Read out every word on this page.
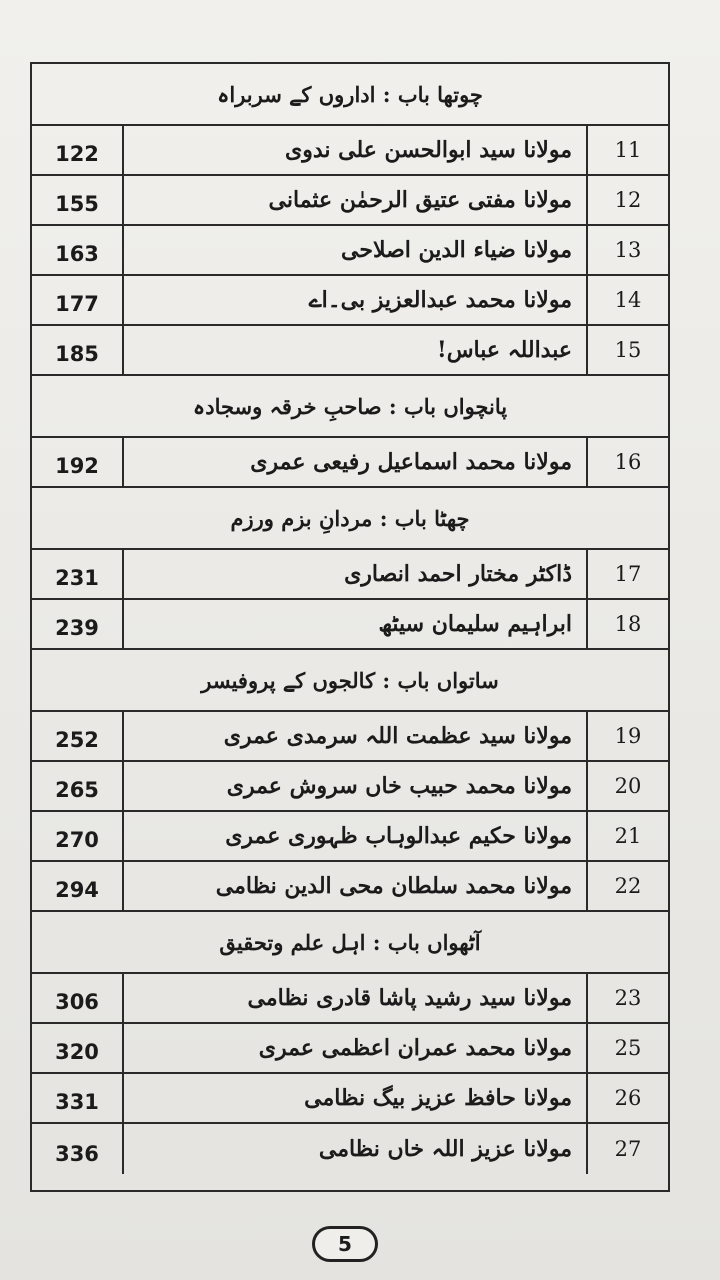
چوتھا باب : اداروں کے سربراہ
122	مولانا سید ابوالحسن علی ندوی	11
155	مولانا مفتی عتیق الرحمٰن عثمانی	12
163	مولانا ضیاء الدین اصلاحی	13
177	مولانا محمد عبدالعزیز بی۔اے	14
185	عبداللہ عباس!	15
پانچواں باب : صاحبِ خرقہ وسجادہ
192	مولانا محمد اسماعیل رفیعی عمری	16
چھٹا باب : مردانِ بزم ورزم
231	ڈاکٹر مختار احمد انصاری	17
239	ابراہیم سلیمان سیٹھ	18
ساتواں باب : کالجوں کے پروفیسر
252	مولانا سید عظمت اللہ سرمدی عمری	19
265	مولانا محمد حبیب خاں سروش عمری	20
270	مولانا حکیم عبدالوہاب ظہوری عمری	21
294	مولانا محمد سلطان محی الدین نظامی	22
آٹھواں باب : اہل علم وتحقیق
306	مولانا سید رشید پاشا قادری نظامی	23
320	مولانا محمد عمران اعظمی عمری	25
331	مولانا حافظ عزیز بیگ نظامی	26
336	مولانا عزیز اللہ خاں نظامی	27
5
